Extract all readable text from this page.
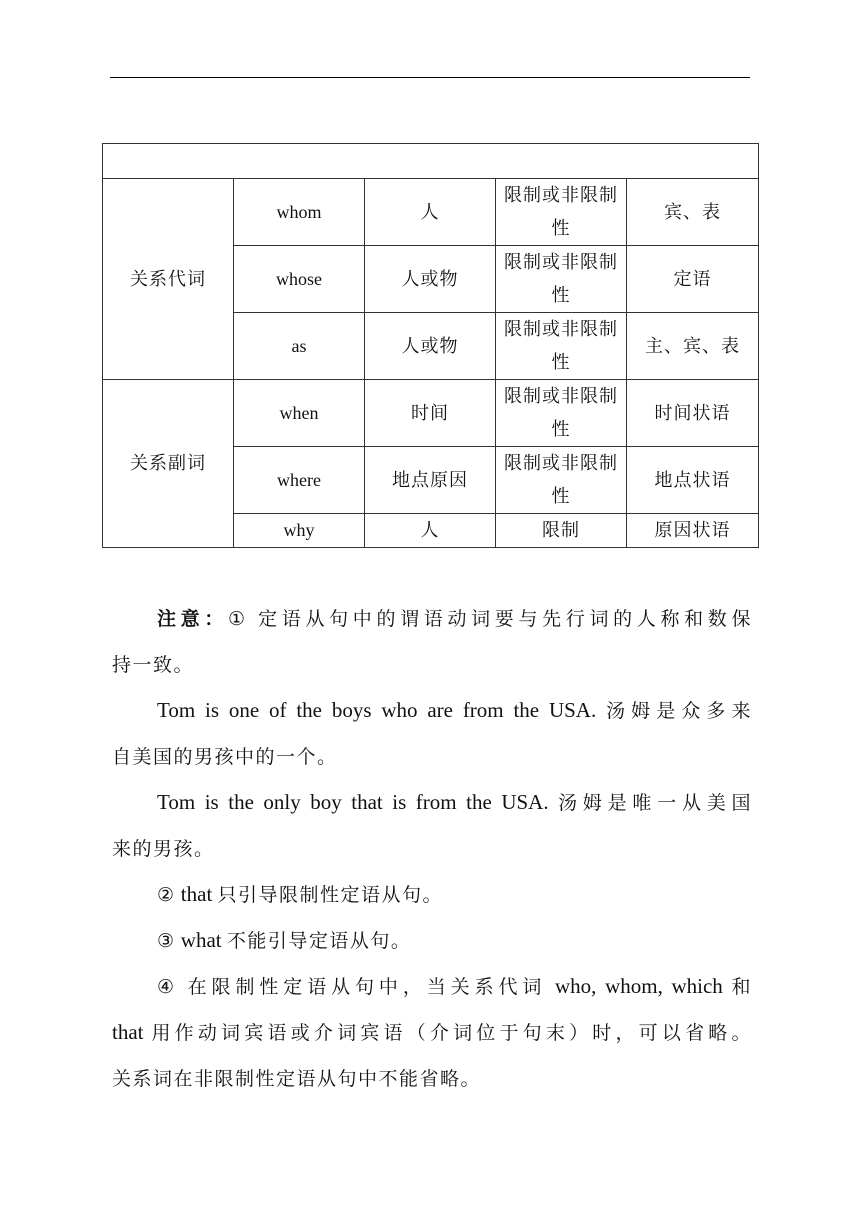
关系代词	whom	人	限制或非限制性	宾、表
	whose	人或物	限制或非限制性	定语
	as	人或物	限制或非限制性	主、宾、表
关系副词	when	时间	限制或非限制性	时间状语
	where	地点原因	限制或非限制性	地点状语
	why	人	限制	原因状语

注意：① 定语从句中的谓语动词要与先行词的人称和数保

持一致。

Tom is one of the boys who are from the USA. 汤姆是众多来

自美国的男孩中的一个。

Tom is the only boy that is from the USA. 汤姆是唯一从美国

来的男孩。

② that 只引导限制性定语从句。

③ what 不能引导定语从句。

④ 在限制性定语从句中，当关系代词 who, whom, which 和

that 用作动词宾语或介词宾语（介词位于句末）时，可以省略。

关系词在非限制性定语从句中不能省略。
